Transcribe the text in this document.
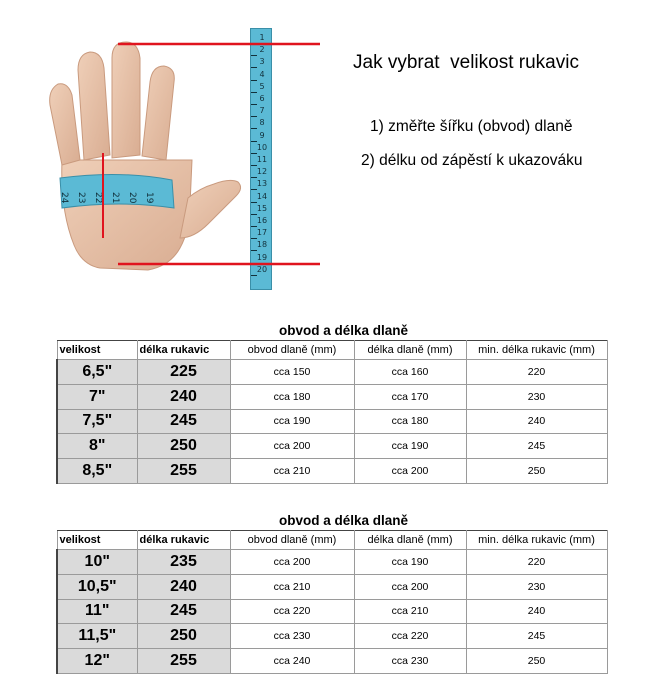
24 23 22 21 20 19
1
2
3
4
5
6
7
8
9
10
11
12
13
14
15
16
17
18
19
20
Jak vybrat  velikost rukavic
1) změřte šířku (obvod) dlaně
2) délku od zápěstí k ukazováku
obvod a délka dlaně
velikost	délka rukavic	obvod dlaně (mm)	délka dlaně (mm)	min. délka rukavic (mm)
6,5"	225	cca 150	cca 160	220
7"	240	cca 180	cca 170	230
7,5"	245	cca 190	cca 180	240
8"	250	cca 200	cca 190	245
8,5"	255	cca 210	cca 200	250
obvod a délka dlaně
velikost	délka rukavic	obvod dlaně (mm)	délka dlaně (mm)	min. délka rukavic (mm)
10"	235	cca 200	cca 190	220
10,5"	240	cca 210	cca 200	230
11"	245	cca 220	cca 210	240
11,5"	250	cca 230	cca 220	245
12"	255	cca 240	cca 230	250
